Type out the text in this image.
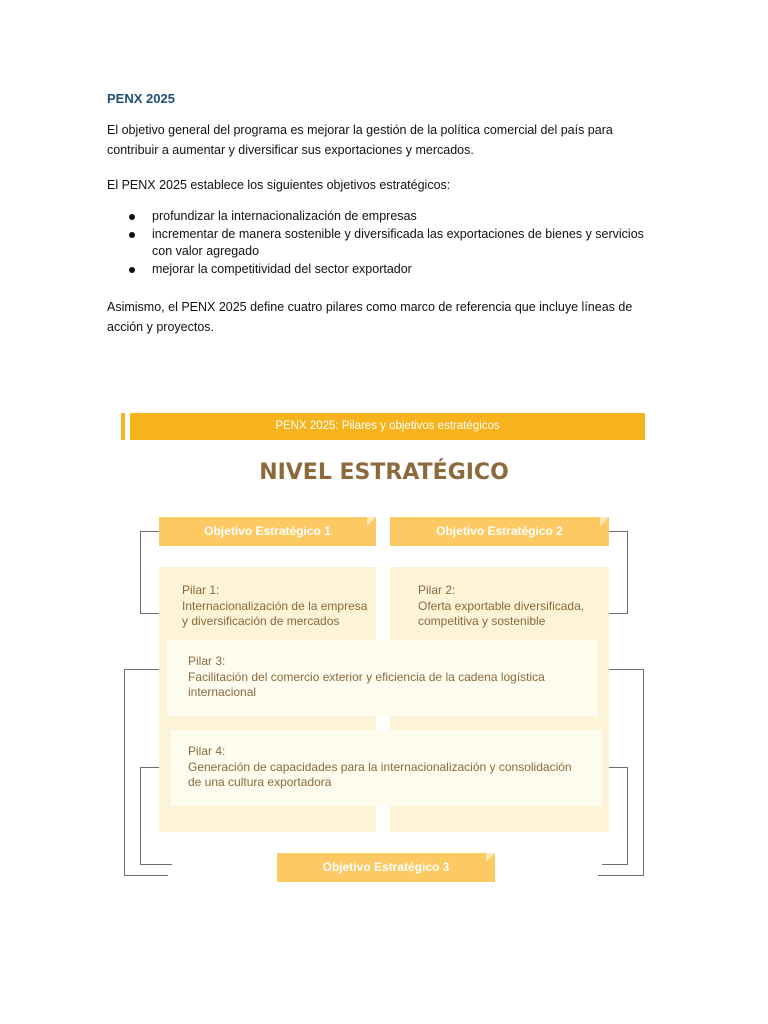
PENX 2025
El objetivo general del programa es mejorar la gestión de la política comercial del país para contribuir a aumentar y diversificar sus exportaciones y mercados.
El PENX 2025 establece los siguientes objetivos estratégicos:
profundizar la internacionalización de empresas
incrementar de manera sostenible y diversificada las exportaciones de bienes y servicios con valor agregado
mejorar la competitividad del sector exportador
Asimismo, el PENX 2025 define cuatro pilares como marco de referencia que incluye líneas de acción y proyectos.
PENX 2025: Pilares y objetivos estratégicos
NIVEL ESTRATÉGICO
Objetivo Estratégico 1	Objetivo Estratégico 2
Objetivo Estratégico 3
Pilar 1:
Internacionalización de la empresa y diversificación de mercados
Pilar 2:
Oferta exportable diversificada, competitiva y sostenible
Pilar 3:
Facilitación del comercio exterior y eficiencia de la cadena logística internacional
Pilar 4:
Generación de capacidades para la internacionalización y consolidación de una cultura exportadora
